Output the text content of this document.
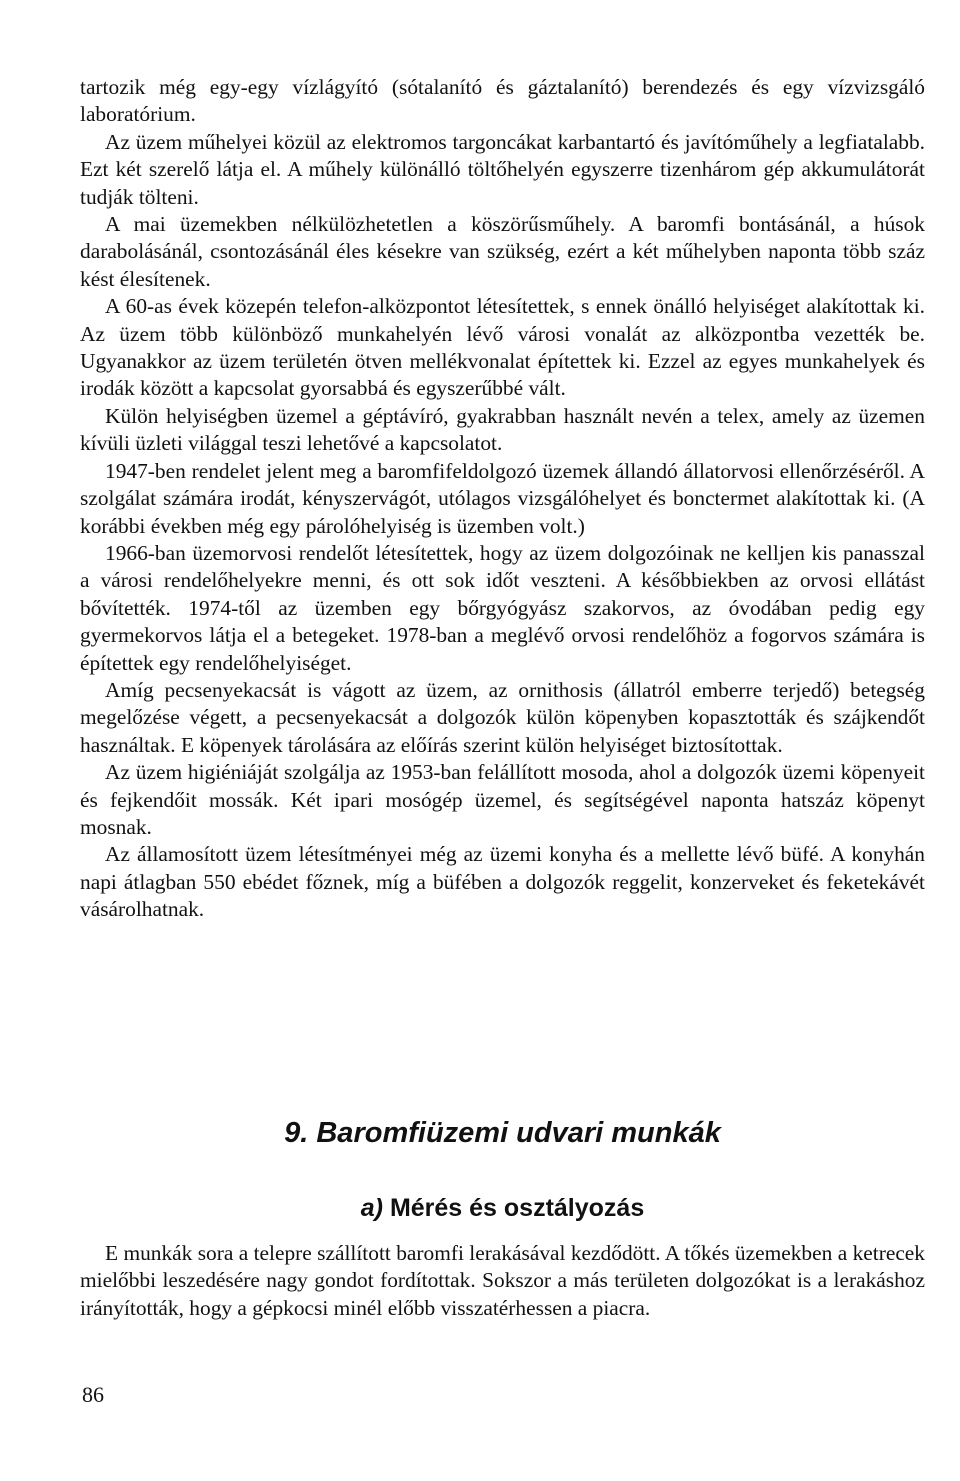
tartozik még egy-egy vízlágyító (sótalanító és gáztalanító) berendezés és egy vízvizsgáló laboratórium.

Az üzem műhelyei közül az elektromos targoncákat karbantartó és javítóműhely a legfiatalabb. Ezt két szerelő látja el. A műhely különálló töltőhelyén egyszerre tizenhárom gép akkumulátorát tudják tölteni.

A mai üzemekben nélkülözhetetlen a köszörűsműhely. A baromfi bontásánál, a húsok darabolásánál, csontozásánál éles késekre van szükség, ezért a két műhelyben naponta több száz kést élesítenek.

A 60-as évek közepén telefon-alközpontot létesítettek, s ennek önálló helyiséget alakítottak ki. Az üzem több különböző munkahelyén lévő városi vonalát az alközpontba vezették be. Ugyanakkor az üzem területén ötven mellékvonalat építettek ki. Ezzel az egyes munkahelyek és irodák között a kapcsolat gyorsabbá és egyszerűbbé vált.

Külön helyiségben üzemel a géptávíró, gyakrabban használt nevén a telex, amely az üzemen kívüli üzleti világgal teszi lehetővé a kapcsolatot.

1947-ben rendelet jelent meg a baromfifeldolgozó üzemek állandó állatorvosi ellenőrzéséről. A szolgálat számára irodát, kényszervágót, utólagos vizsgálóhelyet és bonctermet alakítottak ki. (A korábbi években még egy párolóhelyiség is üzemben volt.)

1966-ban üzemorvosi rendelőt létesítettek, hogy az üzem dolgozóinak ne kelljen kis panasszal a városi rendelőhelyekre menni, és ott sok időt veszteni. A későbbiekben az orvosi ellátást bővítették. 1974-től az üzemben egy bőrgyógyász szakorvos, az óvodában pedig egy gyermekorvos látja el a betegeket. 1978-ban a meglévő orvosi rendelőhöz a fogorvos számára is építettek egy rendelőhelyiséget.

Amíg pecsenyekacsát is vágott az üzem, az ornithosis (állatról emberre terjedő) betegség megelőzése végett, a pecsenyekacsát a dolgozók külön köpenyben kopasztották és szájkendőt használtak. E köpenyek tárolására az előírás szerint külön helyiséget biztosítottak.

Az üzem higiéniáját szolgálja az 1953-ban felállított mosoda, ahol a dolgozók üzemi köpenyeit és fejkendőit mossák. Két ipari mosógép üzemel, és segítségével naponta hatszáz köpenyt mosnak.

Az államosított üzem létesítményei még az üzemi konyha és a mellette lévő büfé. A konyhán napi átlagban 550 ebédet főznek, míg a büfében a dolgozók reggelit, konzerveket és feketekávét vásárolhatnak.

9. Baromfiüzemi udvari munkák
a) Mérés és osztályozás

E munkák sora a telepre szállított baromfi lerakásával kezdődött. A tőkés üzemekben a ketrecek mielőbbi leszedésére nagy gondot fordítottak. Sokszor a más területen dolgozókat is a lerakáshoz irányították, hogy a gépkocsi minél előbb visszatérhessen a piacra.

86
